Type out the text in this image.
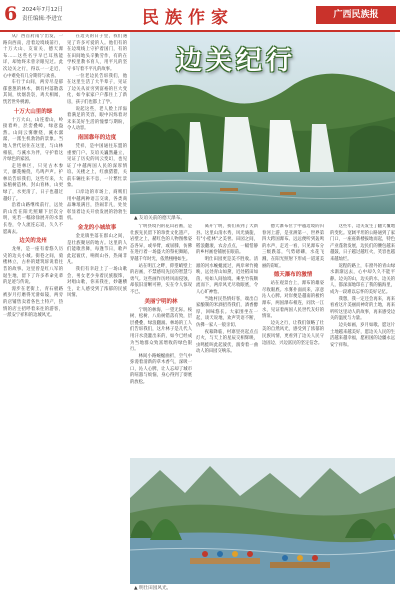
6 2024年7月12日
责任编辑:李进宜	民族作家	广西民族报

从广西首府南宁出发，一路向西南，沿着边境线前行，十万大山、友谊关、德天瀑布……这些名字早已耳熟能详，却始终未曾亲眼见过。此次边关之行，得以一一走近，心中难免有几分期待与欢喜。

车行于山间，两旁尽是郁郁葱葱的林木，偶有村落散落其间，炊烟袅袅，鸡犬相闻，恍若世外桃源。

十万大山里的绿

十万大山，山连着山，岭接着岭，层峦叠嶂，绿意盎然。山间云雾缭绕，溪水潺潺，一派生机勃勃的景象。当地人世代居住在这里，与山林相依，与溪水为伴，守护着这片绿色的家园。

走进林区，只见古木参天，藤蔓缠绕，鸟鸣声声。护林员告诉我们，这些年来，大家植树造林，封山育林，山更绿了，水更清了，日子也越过越好了。

沿着山路继续前行，远处的山峦在阳光照耀下层次分明，宛若一幅徐徐展开的水墨长卷，令人流连忘返，久久不愿离去。

边关的龙州

龙州，是一座有着悠久历史的边关小城。街巷之间，骑楼林立，古朴的建筑诉说着往昔的故事。这里曾是红八军的诞生地，留下了许多革命先辈的足迹与传说。

漫步在老街上，青石板路被岁月打磨得光滑如镜，两旁的店铺售卖着各色土特产，热情的店主招呼着来往的游客，一派安宁祥和的边城风光。

在边关的日子里，我们遇见了许多可爱的人。他们有的在边境线上守护着国门，有的在田间地头辛勤劳作，有的在学校里教书育人，用平凡的坚守书写着不平凡的故事。

一位老边民告诉我们，他在这里生活了大半辈子，见证了边关从贫穷到富裕的巨大变化，如今家家户户都住上了新房，孩子们也都上了学。

说起这些，老人脸上洋溢着满足的笑容，眼中闪烁着对未来美好生活的憧憬与期盼，令人动容。

南国靠年的边度

凭祥，是中国通往东盟的重要门户。友谊关巍然矗立，见证了历史的风云变幻，也见证了中越两国人民的深厚情谊。关楼之上，红旗猎猎，关前车辆往来不息，一片繁忙景象。

口岸边的市场上，商贩们用中越两种语言交谈，各类商品琳琅满目，热闹非凡，处处彰显着边关开放发展的勃勃生机。

金龙的小城故事

金龙镇坐落在群山之间，是壮族聚居的地方。这里的人们能歌善舞，每逢节日，歌声此起彼伏，响彻山谷，热闹非凡。

我们有幸赶上了一场山歌会，男女老少身着民族服饰，对唱山歌，你来我往，妙趣横生，让人感受到了浓郁的民族风情。

边关纪行
▲ 友谊关前的德天瀑布。

宁明县境内的花山岩画，是壮族先民留下的珍贵文化遗产。岩壁之上，赭红色的人物图像姿态各异，或举臂，或屈膝，仿佛在进行着一场盛大的祭祀舞蹈，穿越千年时光，依然栩栩如生。

站在明江之畔，仰望峭壁上的岩画，不禁感叹先民的智慧与勇气。这些画作历经风雨侵蚀，却依旧清晰可辨，实在令人惊叹不已。

美丽宁明的林

宁明的林海，一望无际。桉树、松树、八角树错落有致，层层叠叠，绿浪翻涌。林场的工人们告诉我们，这片林子是几代人用汗水浇灌出来的，如今已经成为当地群众致富增收的绿色银行。

林间小路蜿蜒曲折，空气中弥漫着清新的草木香气，深吸一口，沁人心脾，让人忘却了城市的喧嚣与烦恼，身心得到了彻底的放松。

离开宁明，我们来到了大新县。这里山清水秀，风光旖旎，有"小桂林"之美誉。田园之间，稻浪翻滚，农舍点点，一幅恬静的乡村画卷铺展在眼前。

明仕田园更是美不胜收。清澈的河水蜿蜒流过，两岸翠竹掩映，远处青山如黛，近处稻田如茵，宛如人间仙境。乘坐竹筏顺流而下，两岸风光尽收眼底，令人心旷神怡。

当地村民热情好客，端出自家酿制的米酒招待我们，酒香醇厚，回味悠长。大家围坐在一起，谈天说地，欢声笑语不断，仿佛一家人一般亲切。

夜幕降临，村寨里亮起点点灯火，与天上的星辰交相辉映，虫鸣蛙叫此起彼伏，演奏着一曲动人的田园交响乐。

德天瀑布位于中越边境的归春河上游，是亚洲第一、世界第四大跨国瀑布。远远便听到轰鸣的水声，走近一看，只见瀑布分三级跌落，气势磅礴，水花飞溅，在阳光照射下形成一道道美丽的彩虹。

德天瀑布的激情

站在观景台上，瀑布的雄姿尽收眼底。水雾扑面而来，凉意沁人心脾。对岸便是越南的板约瀑布，两国瀑布相连，同饮一江水，见证着两国人民世代友好的情谊。

边关之行，让我们领略了壮美的自然风光，感受到了浓郁的民族风情，更看到了边关人民守边固边、兴边富民的坚定信念。

这些年，边关发生了翻天覆地的变化。宽阔平坦的公路通到了家门口，一座座新楼拔地而起，特色产业蓬勃发展，边民们的腰包越来越鼓，日子越过越红火，笑容也越来越灿烂。

返程的路上，车窗外的青山绿水渐渐远去，心中却久久不能平静。边关的山，边关的水，边关的人，都深深地印在了我的脑海里，成为一段难以忘怀的美好记忆。

我想，我一定还会再来，再来看看这片美丽而神奇的土地，再来听听这里动人的故事，再来感受边关的温度与力量。

边关如画，岁月如歌。愿这片土地越来越美好，愿边关人民的生活越来越幸福，愿祖国的边疆永远安宁祥和。

▲ 明仕田园风光。
